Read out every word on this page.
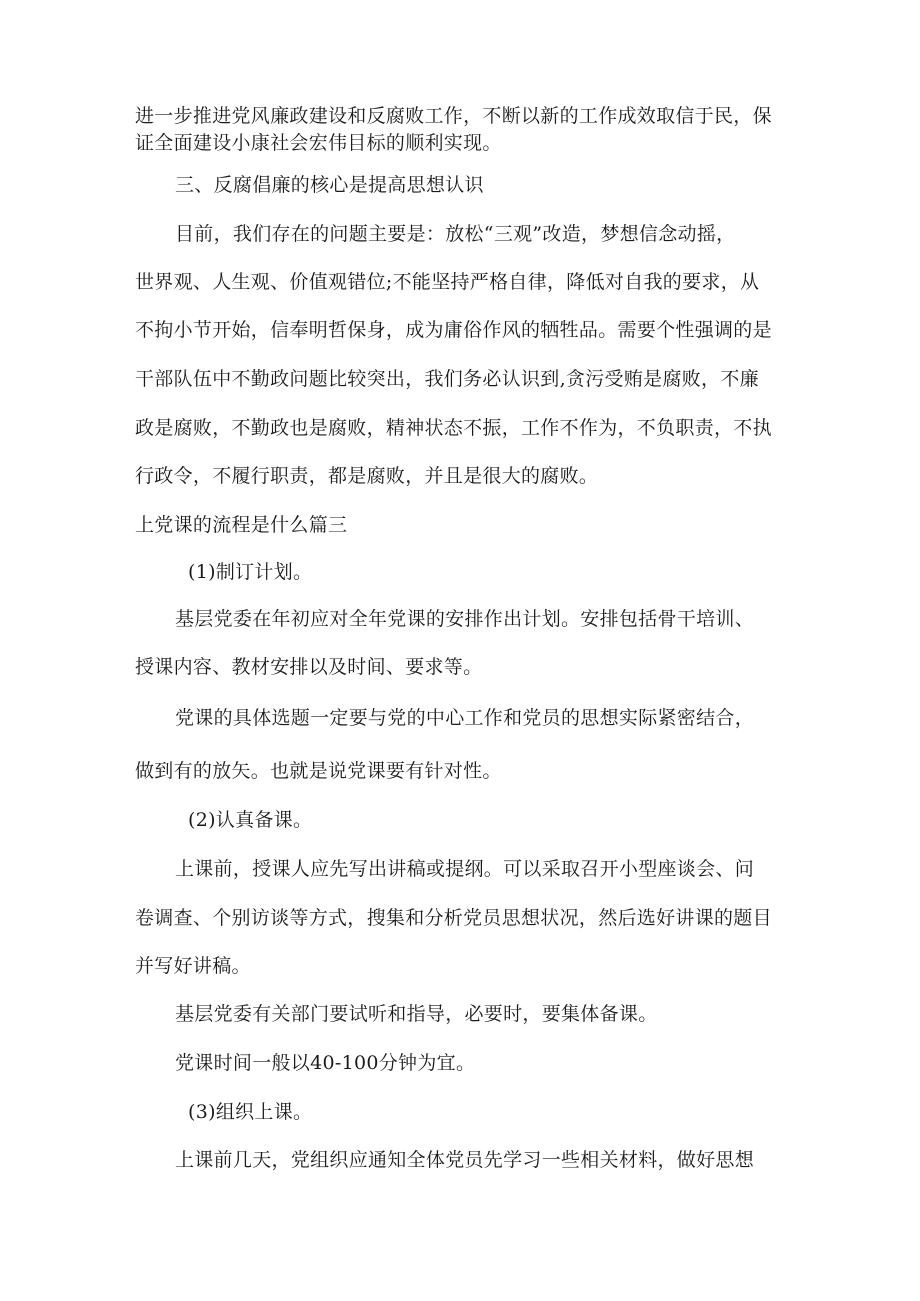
进一步推进党风廉政建设和反腐败工作，不断以新的工作成效取信于民，保
证全面建设小康社会宏伟目标的顺利实现。
三、反腐倡廉的核心是提高思想认识
目前，我们存在的问题主要是：放松“三观”改造，梦想信念动摇，
世界观、人生观、价值观错位;不能坚持严格自律，降低对自我的要求，从
不拘小节开始，信奉明哲保身，成为庸俗作风的牺牲品。需要个性强调的是
干部队伍中不勤政问题比较突出，我们务必认识到,贪污受贿是腐败，不廉
政是腐败，不勤政也是腐败，精神状态不振，工作不作为，不负职责，不执
行政令，不履行职责，都是腐败，并且是很大的腐败。
上党课的流程是什么篇三
(1)制订计划。
基层党委在年初应对全年党课的安排作出计划。安排包括骨干培训、
授课内容、教材安排以及时间、要求等。
党课的具体选题一定要与党的中心工作和党员的思想实际紧密结合，
做到有的放矢。也就是说党课要有针对性。
(2)认真备课。
上课前，授课人应先写出讲稿或提纲。可以采取召开小型座谈会、问
卷调查、个别访谈等方式，搜集和分析党员思想状况，然后选好讲课的题目
并写好讲稿。
基层党委有关部门要试听和指导，必要时，要集体备课。
党课时间一般以40-100分钟为宜。
(3)组织上课。
上课前几天，党组织应通知全体党员先学习一些相关材料，做好思想
